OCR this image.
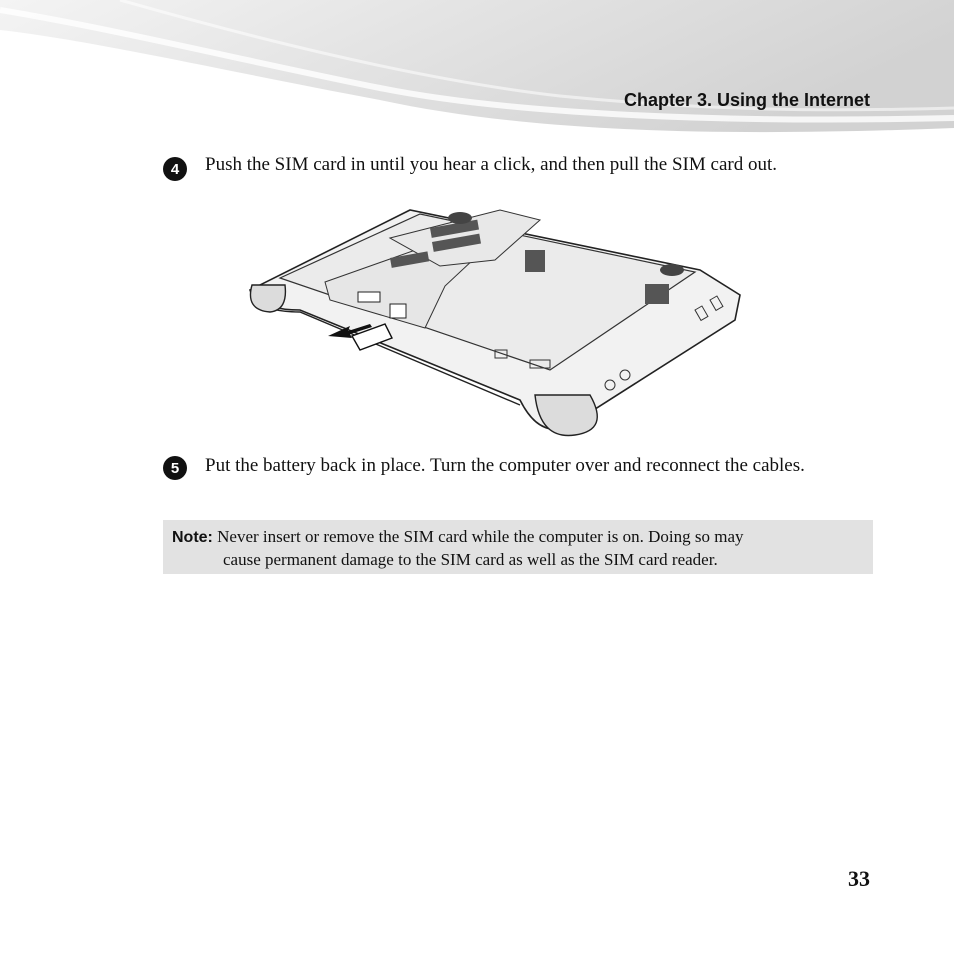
Chapter 3. Using the Internet
4	Push the SIM card in until you hear a click, and then pull the SIM card out.
5	Put the battery back in place. Turn the computer over and reconnect the cables.
Note: Never insert or remove the SIM card while the computer is on. Doing so may
cause permanent damage to the SIM card as well as the SIM card reader.
33
